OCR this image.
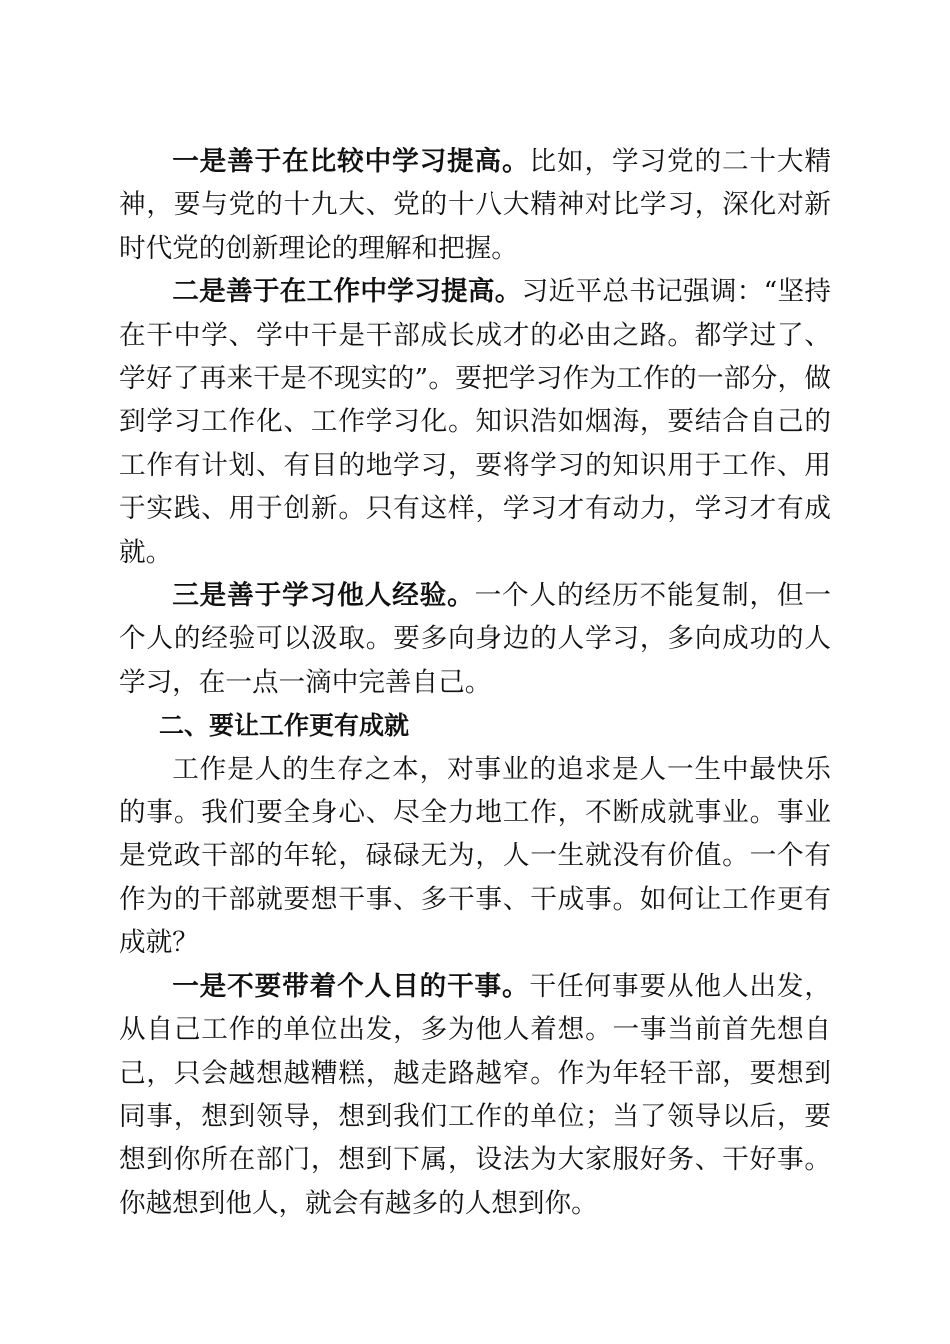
一是善于在比较中学习提高。比如，学习党的二十大精神，要与党的十九大、党的十八大精神对比学习，深化对新时代党的创新理论的理解和把握。

二是善于在工作中学习提高。习近平总书记强调：“坚持在干中学、学中干是干部成长成才的必由之路。都学过了、学好了再来干是不现实的”。要把学习作为工作的一部分，做到学习工作化、工作学习化。知识浩如烟海，要结合自己的工作有计划、有目的地学习，要将学习的知识用于工作、用于实践、用于创新。只有这样，学习才有动力，学习才有成就。

三是善于学习他人经验。一个人的经历不能复制，但一个人的经验可以汲取。要多向身边的人学习，多向成功的人学习，在一点一滴中完善自己。

二、要让工作更有成就

工作是人的生存之本，对事业的追求是人一生中最快乐的事。我们要全身心、尽全力地工作，不断成就事业。事业是党政干部的年轮，碌碌无为，人一生就没有价值。一个有作为的干部就要想干事、多干事、干成事。如何让工作更有成就？

一是不要带着个人目的干事。干任何事要从他人出发，从自己工作的单位出发，多为他人着想。一事当前首先想自己，只会越想越糟糕，越走路越窄。作为年轻干部，要想到同事，想到领导，想到我们工作的单位；当了领导以后，要想到你所在部门，想到下属，设法为大家服好务、干好事。你越想到他人，就会有越多的人想到你。
